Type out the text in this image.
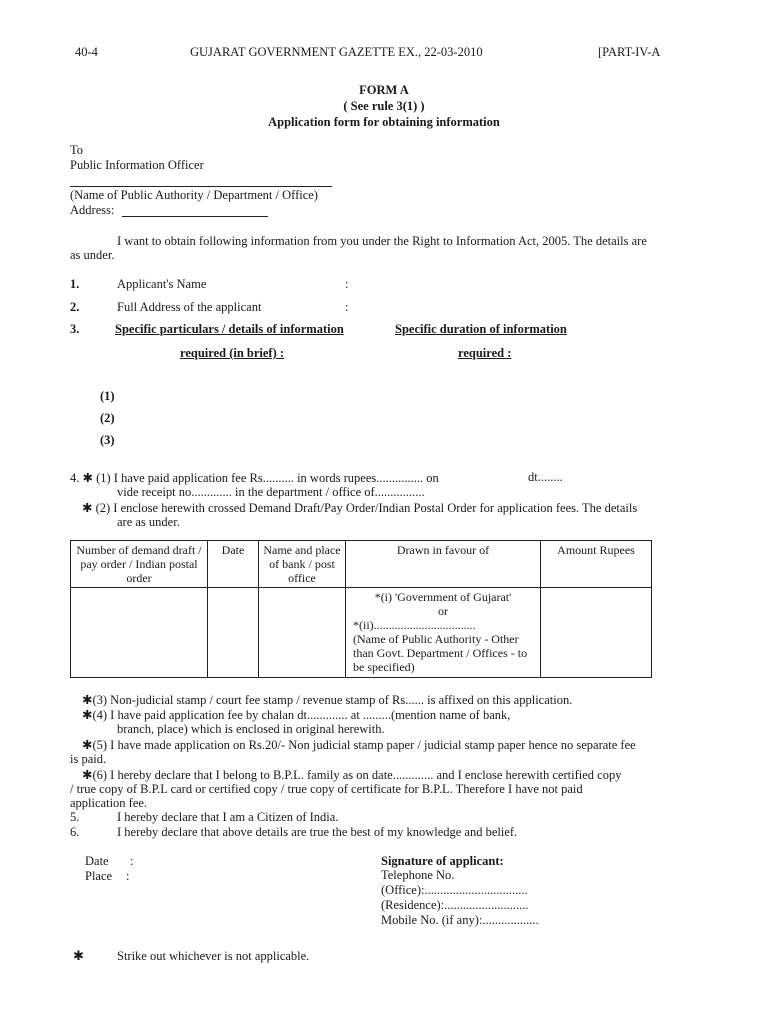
40-4	GUJARAT GOVERNMENT GAZETTE EX., 22-03-2010	[PART-IV-A
FORM A
( See rule 3(1) )
Application form for obtaining information
To
Public Information Officer
(Name of Public Authority / Department / Office)
Address:
I want to obtain following information from you under the Right to Information Act, 2005. The details are
as under.
1.	Applicant's Name	:
2.	Full Address of the applicant	:
3.	Specific particulars / details of information
required (in brief) :
Specific duration of information
required :
(1)
(2)
(3)
4. ✱ (1) I have paid application fee Rs.......... in words rupees............... on	dt........
vide receipt no............. in the department / office of................
✱ (2) I enclose herewith crossed Demand Draft/Pay Order/Indian Postal Order for application fees. The details
are as under.
Number of demand draft / pay order / Indian postal order	Date	Name and place of bank / post office	Drawn in favour of	Amount Rupees

			*(i) 'Government of Gujarat'
or
*(ii)..................................
(Name of Public Authority - Other than Govt. Department / Offices - to be specified)	

✱(3) Non-judicial stamp / court fee stamp / revenue stamp of Rs...... is affixed on this application.
✱(4) I have paid application fee by chalan dt............. at .........(mention name of bank,
branch, place) which is enclosed in original herewith.
✱(5) I have made application on Rs.20/- Non judicial stamp paper / judicial stamp paper hence no separate fee
is paid.
✱(6) I hereby declare that I belong to B.P.L. family as on date............. and I enclose herewith certified copy
/ true copy of B.P.L card or certified copy / true copy of certificate for B.P.L. Therefore I have not paid
application fee.
5.	I hereby declare that I am a Citizen of India.
6.	I hereby declare that above details are true the best of my knowledge and belief.
Date :
Place :
Signature of applicant:
Telephone No.
(Office):.................................
(Residence):...........................
Mobile No. (if any):..................
✱	Strike out whichever is not applicable.
